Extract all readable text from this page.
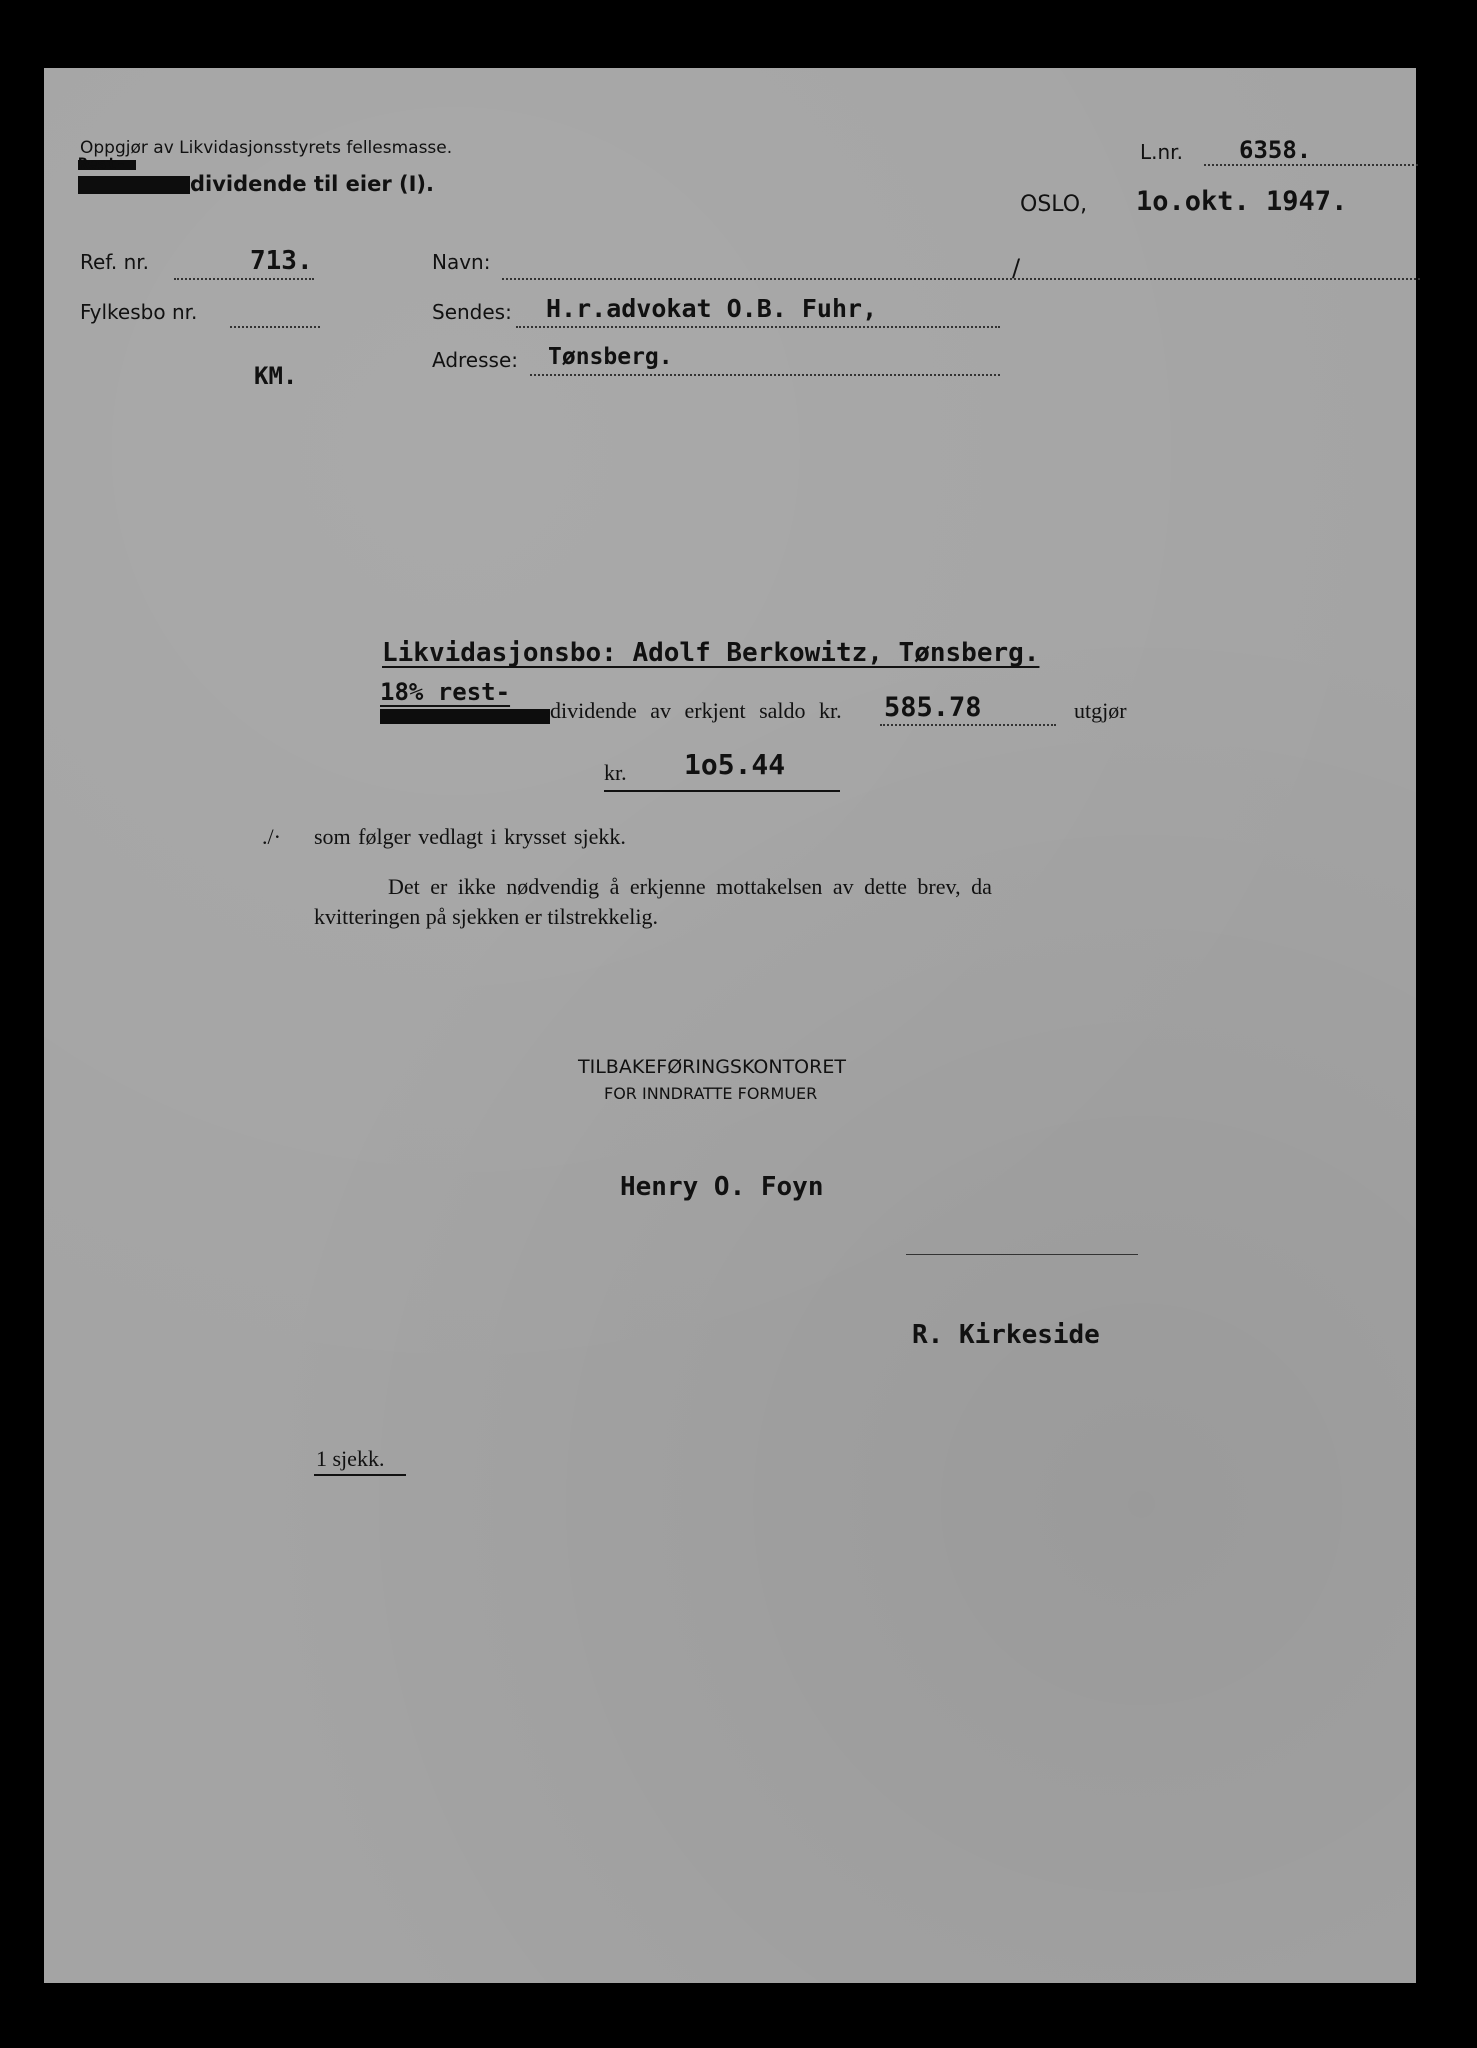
Oppgjør av Likvidasjonsstyrets fellesmasse.
Rest-
dividende til eier (I).
L.nr. 6358.
OSLO, 1o.okt. 1947.
Ref. nr.	713.
Fylkesbo nr.
KM.
Navn:	/
Sendes: H.r.advokat O.B. Fuhr,
Adresse: Tønsberg.
Likvidasjonsbo: Adolf Berkowitz, Tønsberg.
18% rest-
dividende av erkjent saldo kr. 585.78	utgjør
kr. 1o5.44
./· som følger vedlagt i krysset sjekk.
Det er ikke nødvendig å erkjenne mottakelsen av dette brev, da
kvitteringen på sjekken er tilstrekkelig.
TILBAKEFØRINGSKONTORET
FOR INNDRATTE FORMUER
Henry O. Foyn
R. Kirkeside
1 sjekk.
